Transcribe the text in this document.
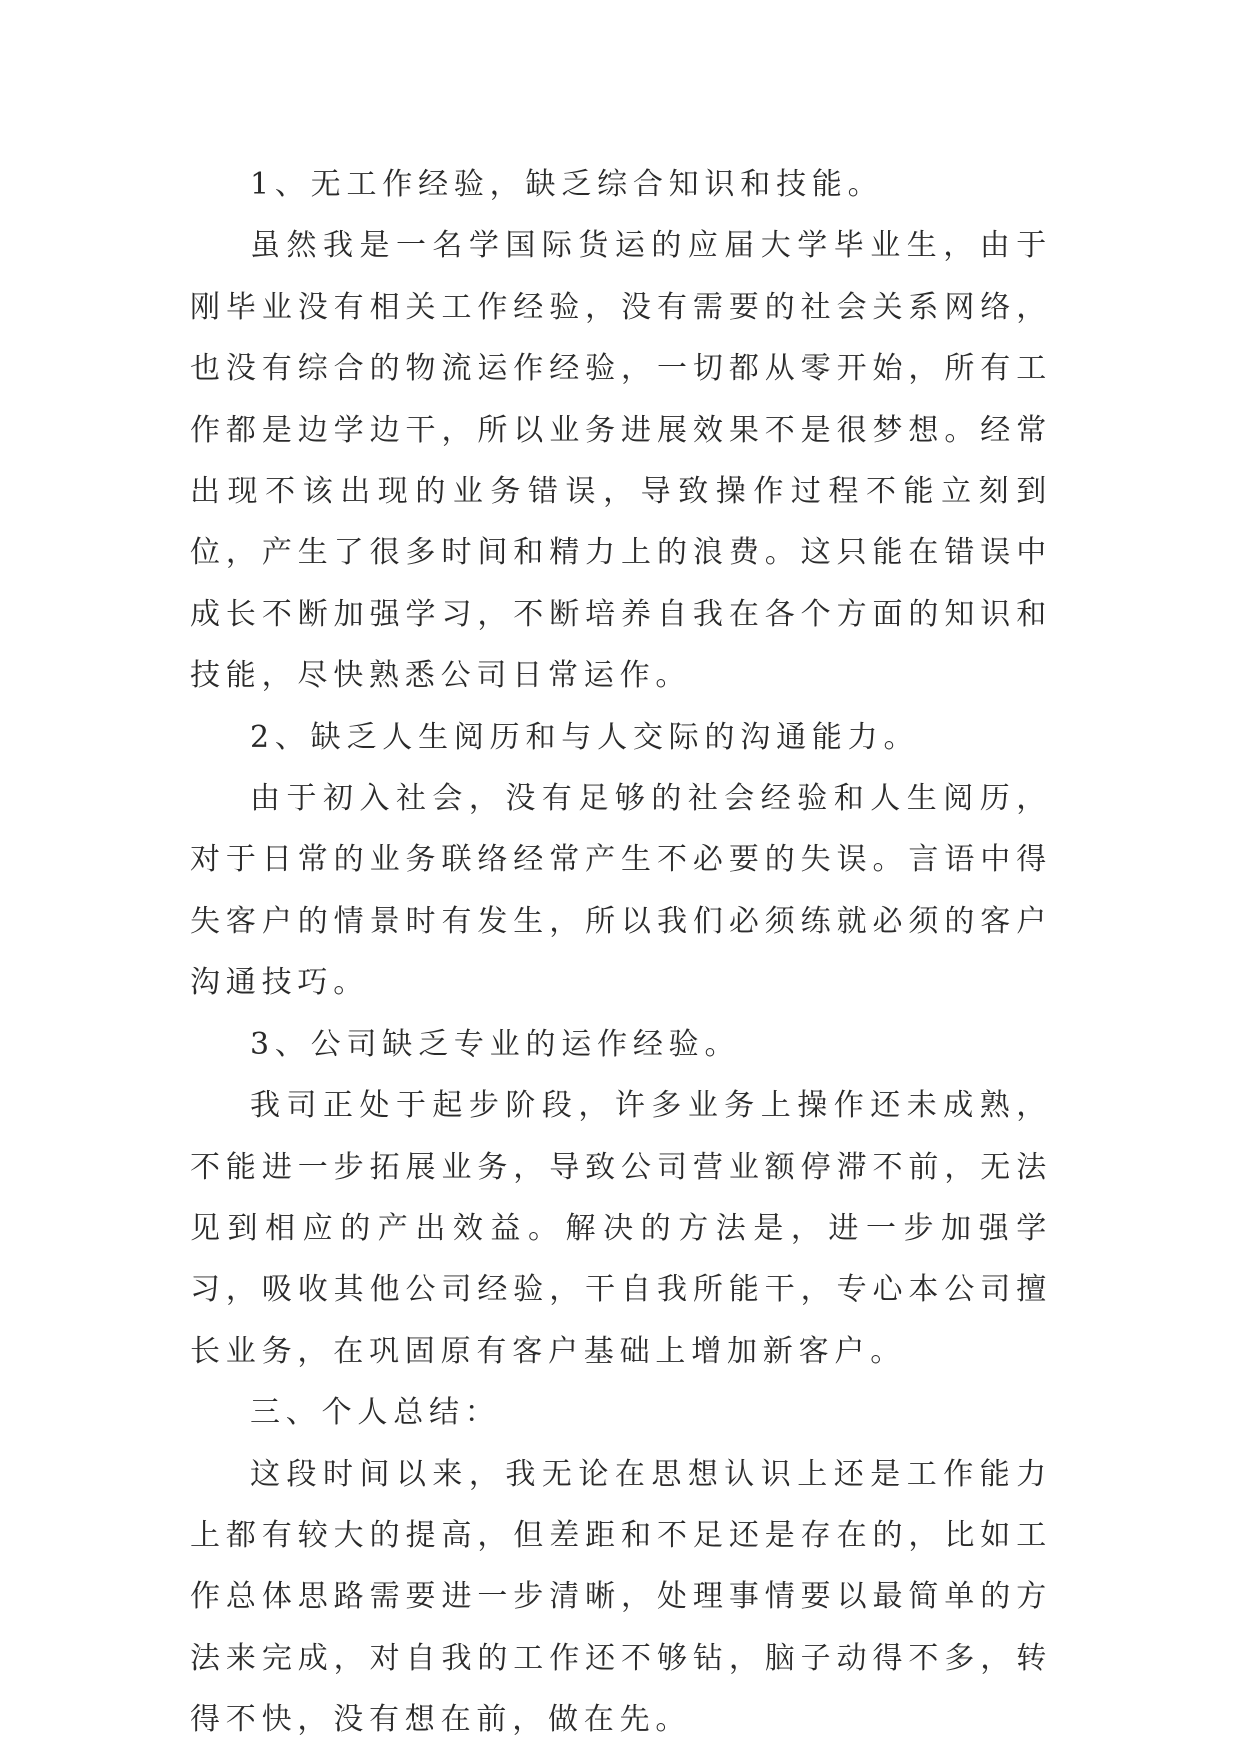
1、无工作经验，缺乏综合知识和技能。

虽然我是一名学国际货运的应届大学毕业生，由于刚毕业没有相关工作经验，没有需要的社会关系网络，也没有综合的物流运作经验，一切都从零开始，所有工作都是边学边干，所以业务进展效果不是很梦想。经常出现不该出现的业务错误，导致操作过程不能立刻到位，产生了很多时间和精力上的浪费。这只能在错误中成长不断加强学习，不断培养自我在各个方面的知识和技能，尽快熟悉公司日常运作。

2、缺乏人生阅历和与人交际的沟通能力。

由于初入社会，没有足够的社会经验和人生阅历，对于日常的业务联络经常产生不必要的失误。言语中得失客户的情景时有发生，所以我们必须练就必须的客户沟通技巧。

3、公司缺乏专业的运作经验。

我司正处于起步阶段，许多业务上操作还未成熟，不能进一步拓展业务，导致公司营业额停滞不前，无法见到相应的产出效益。解决的方法是，进一步加强学习，吸收其他公司经验，干自我所能干，专心本公司擅长业务，在巩固原有客户基础上增加新客户。

三、个人总结：

这段时间以来，我无论在思想认识上还是工作能力上都有较大的提高，但差距和不足还是存在的，比如工作总体思路需要进一步清晰，处理事情要以最简单的方法来完成，对自我的工作还不够钻，脑子动得不多，转得不快，没有想在前，做在先。
